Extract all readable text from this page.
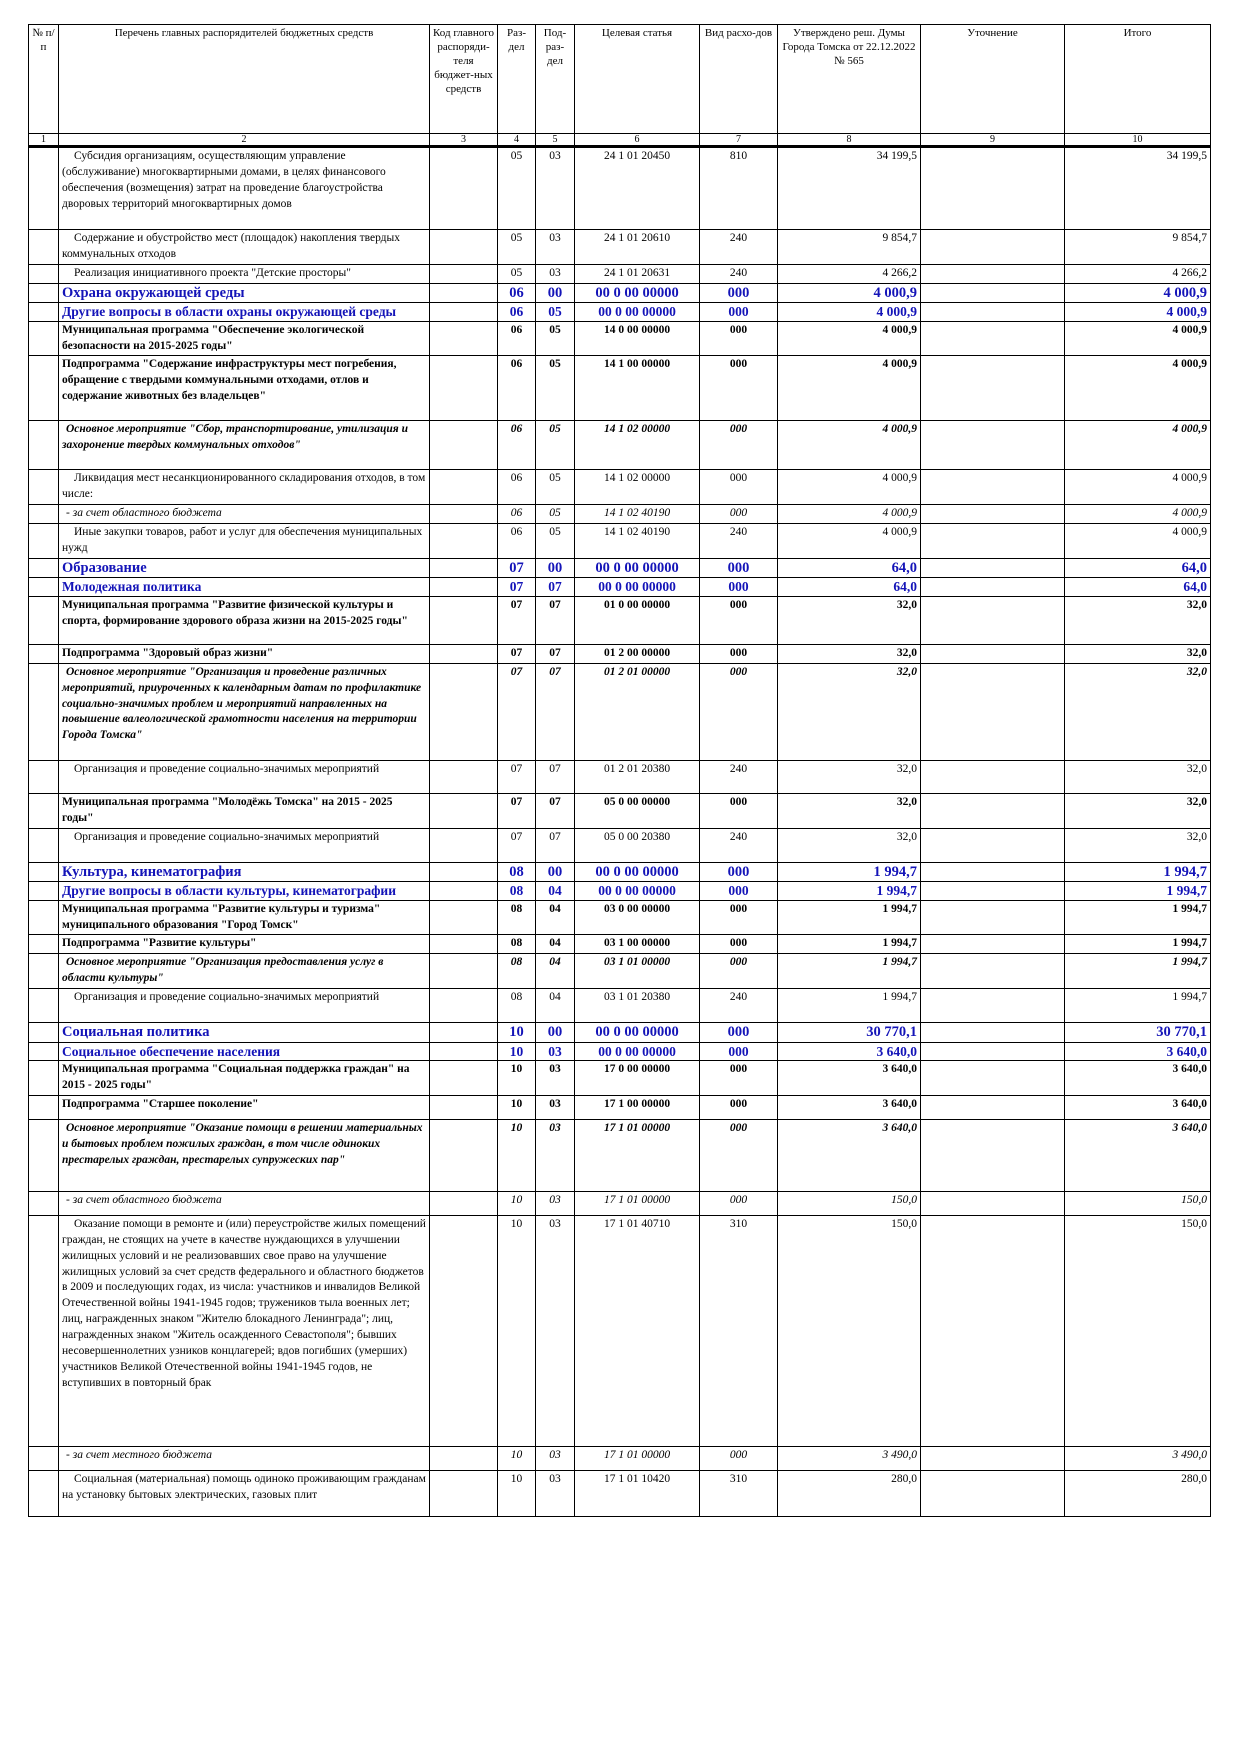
№ п/п	Перечень главных распорядителей бюджетных средств	Код главного распоряди-теля бюджет-ных средств	Раз-дел	Под-раз-дел	Целевая статья	Вид расхо-дов	Утверждено реш. Думы Города Томска от 22.12.2022 № 565	Уточнение	Итого
1	2	3	4	5	6	7	8	9	10
	Субсидия организациям, осуществляющим управление (обслуживание) многоквартирными домами, в целях финансового обеспечения (возмещения) затрат на проведение благоустройства дворовых территорий многоквартирных домов		05	03	24 1 01 20450	810	34 199,5		34 199,5
	Содержание и обустройство мест (площадок) накопления твердых коммунальных отходов		05	03	24 1 01 20610	240	9 854,7		9 854,7
	Реализация инициативного проекта "Детские просторы"		05	03	24 1 01 20631	240	4 266,2		4 266,2
	Охрана окружающей среды		06	00	00 0 00 00000	000	4 000,9		4 000,9
	Другие вопросы в области охраны окружающей среды		06	05	00 0 00 00000	000	4 000,9		4 000,9
	Муниципальная программа "Обеспечение экологической безопасности на 2015-2025 годы"		06	05	14 0 00 00000	000	4 000,9		4 000,9
	Подпрограмма "Содержание инфраструктуры мест погребения, обращение с твердыми коммунальными отходами, отлов и содержание животных без владельцев"		06	05	14 1 00 00000	000	4 000,9		4 000,9
	Основное мероприятие "Сбор, транспортирование, утилизация и захоронение твердых коммунальных отходов"		06	05	14 1 02 00000	000	4 000,9		4 000,9
	Ликвидация мест несанкционированного складирования отходов, в том числе:		06	05	14 1 02 00000	000	4 000,9		4 000,9
	- за счет областного бюджета		06	05	14 1 02 40190	000	4 000,9		4 000,9
	Иные закупки товаров, работ и услуг для обеспечения муниципальных нужд		06	05	14 1 02 40190	240	4 000,9		4 000,9
	Образование		07	00	00 0 00 00000	000	64,0		64,0
	Молодежная политика		07	07	00 0 00 00000	000	64,0		64,0
	Муниципальная программа "Развитие физической культуры и спорта, формирование здорового образа жизни на 2015-2025 годы"		07	07	01 0 00 00000	000	32,0		32,0
	Подпрограмма "Здоровый образ жизни"		07	07	01 2 00 00000	000	32,0		32,0
	Основное мероприятие "Организация и проведение различных мероприятий, приуроченных к календарным датам по профилактике социально-значимых проблем и мероприятий направленных на повышение валеологической грамотности населения на территории Города Томска"		07	07	01 2 01 00000	000	32,0		32,0
	Организация и проведение социально-значимых мероприятий		07	07	01 2 01 20380	240	32,0		32,0
	Муниципальная программа "Молодёжь Томска" на 2015 - 2025 годы"		07	07	05 0 00 00000	000	32,0		32,0
	Организация и проведение социально-значимых мероприятий		07	07	05 0 00 20380	240	32,0		32,0
	Культура, кинематография		08	00	00 0 00 00000	000	1 994,7		1 994,7
	Другие вопросы в области культуры, кинематографии		08	04	00 0 00 00000	000	1 994,7		1 994,7
	Муниципальная программа "Развитие культуры и туризма" муниципального образования "Город Томск"		08	04	03 0 00 00000	000	1 994,7		1 994,7
	Подпрограмма "Развитие культуры"		08	04	03 1 00 00000	000	1 994,7		1 994,7
	Основное мероприятие "Организация предоставления услуг в области культуры"		08	04	03 1 01 00000	000	1 994,7		1 994,7
	Организация и проведение социально-значимых мероприятий		08	04	03 1 01 20380	240	1 994,7		1 994,7
	Социальная политика		10	00	00 0 00 00000	000	30 770,1		30 770,1
	Социальное обеспечение населения		10	03	00 0 00 00000	000	3 640,0		3 640,0
	Муниципальная программа "Социальная поддержка граждан" на 2015 - 2025 годы"		10	03	17 0 00 00000	000	3 640,0		3 640,0
	Подпрограмма "Старшее поколение"		10	03	17 1 00 00000	000	3 640,0		3 640,0
	Основное мероприятие "Оказание помощи в решении материальных и бытовых проблем пожилых граждан, в том числе одиноких престарелых граждан, престарелых супружеских пар"		10	03	17 1 01 00000	000	3 640,0		3 640,0
	- за счет областного бюджета		10	03	17 1 01 00000	000	150,0		150,0
	Оказание помощи в ремонте и (или) переустройстве жилых помещений граждан, не стоящих на учете в качестве нуждающихся в улучшении жилищных условий и не реализовавших свое право на улучшение жилищных условий за счет средств федерального и областного бюджетов в 2009 и последующих годах, из числа: участников и инвалидов Великой Отечественной войны 1941-1945 годов; тружеников тыла военных лет; лиц, награжденных знаком "Жителю блокадного Ленинграда"; лиц, награжденных знаком "Житель осажденного Севастополя"; бывших несовершеннолетних узников концлагерей; вдов погибших (умерших) участников Великой Отечественной войны 1941-1945 годов, не вступивших в повторный брак		10	03	17 1 01 40710	310	150,0		150,0
	- за счет местного бюджета		10	03	17 1 01 00000	000	3 490,0		3 490,0
	Социальная (материальная) помощь одиноко проживающим гражданам на установку бытовых электрических, газовых плит		10	03	17 1 01 10420	310	280,0		280,0
